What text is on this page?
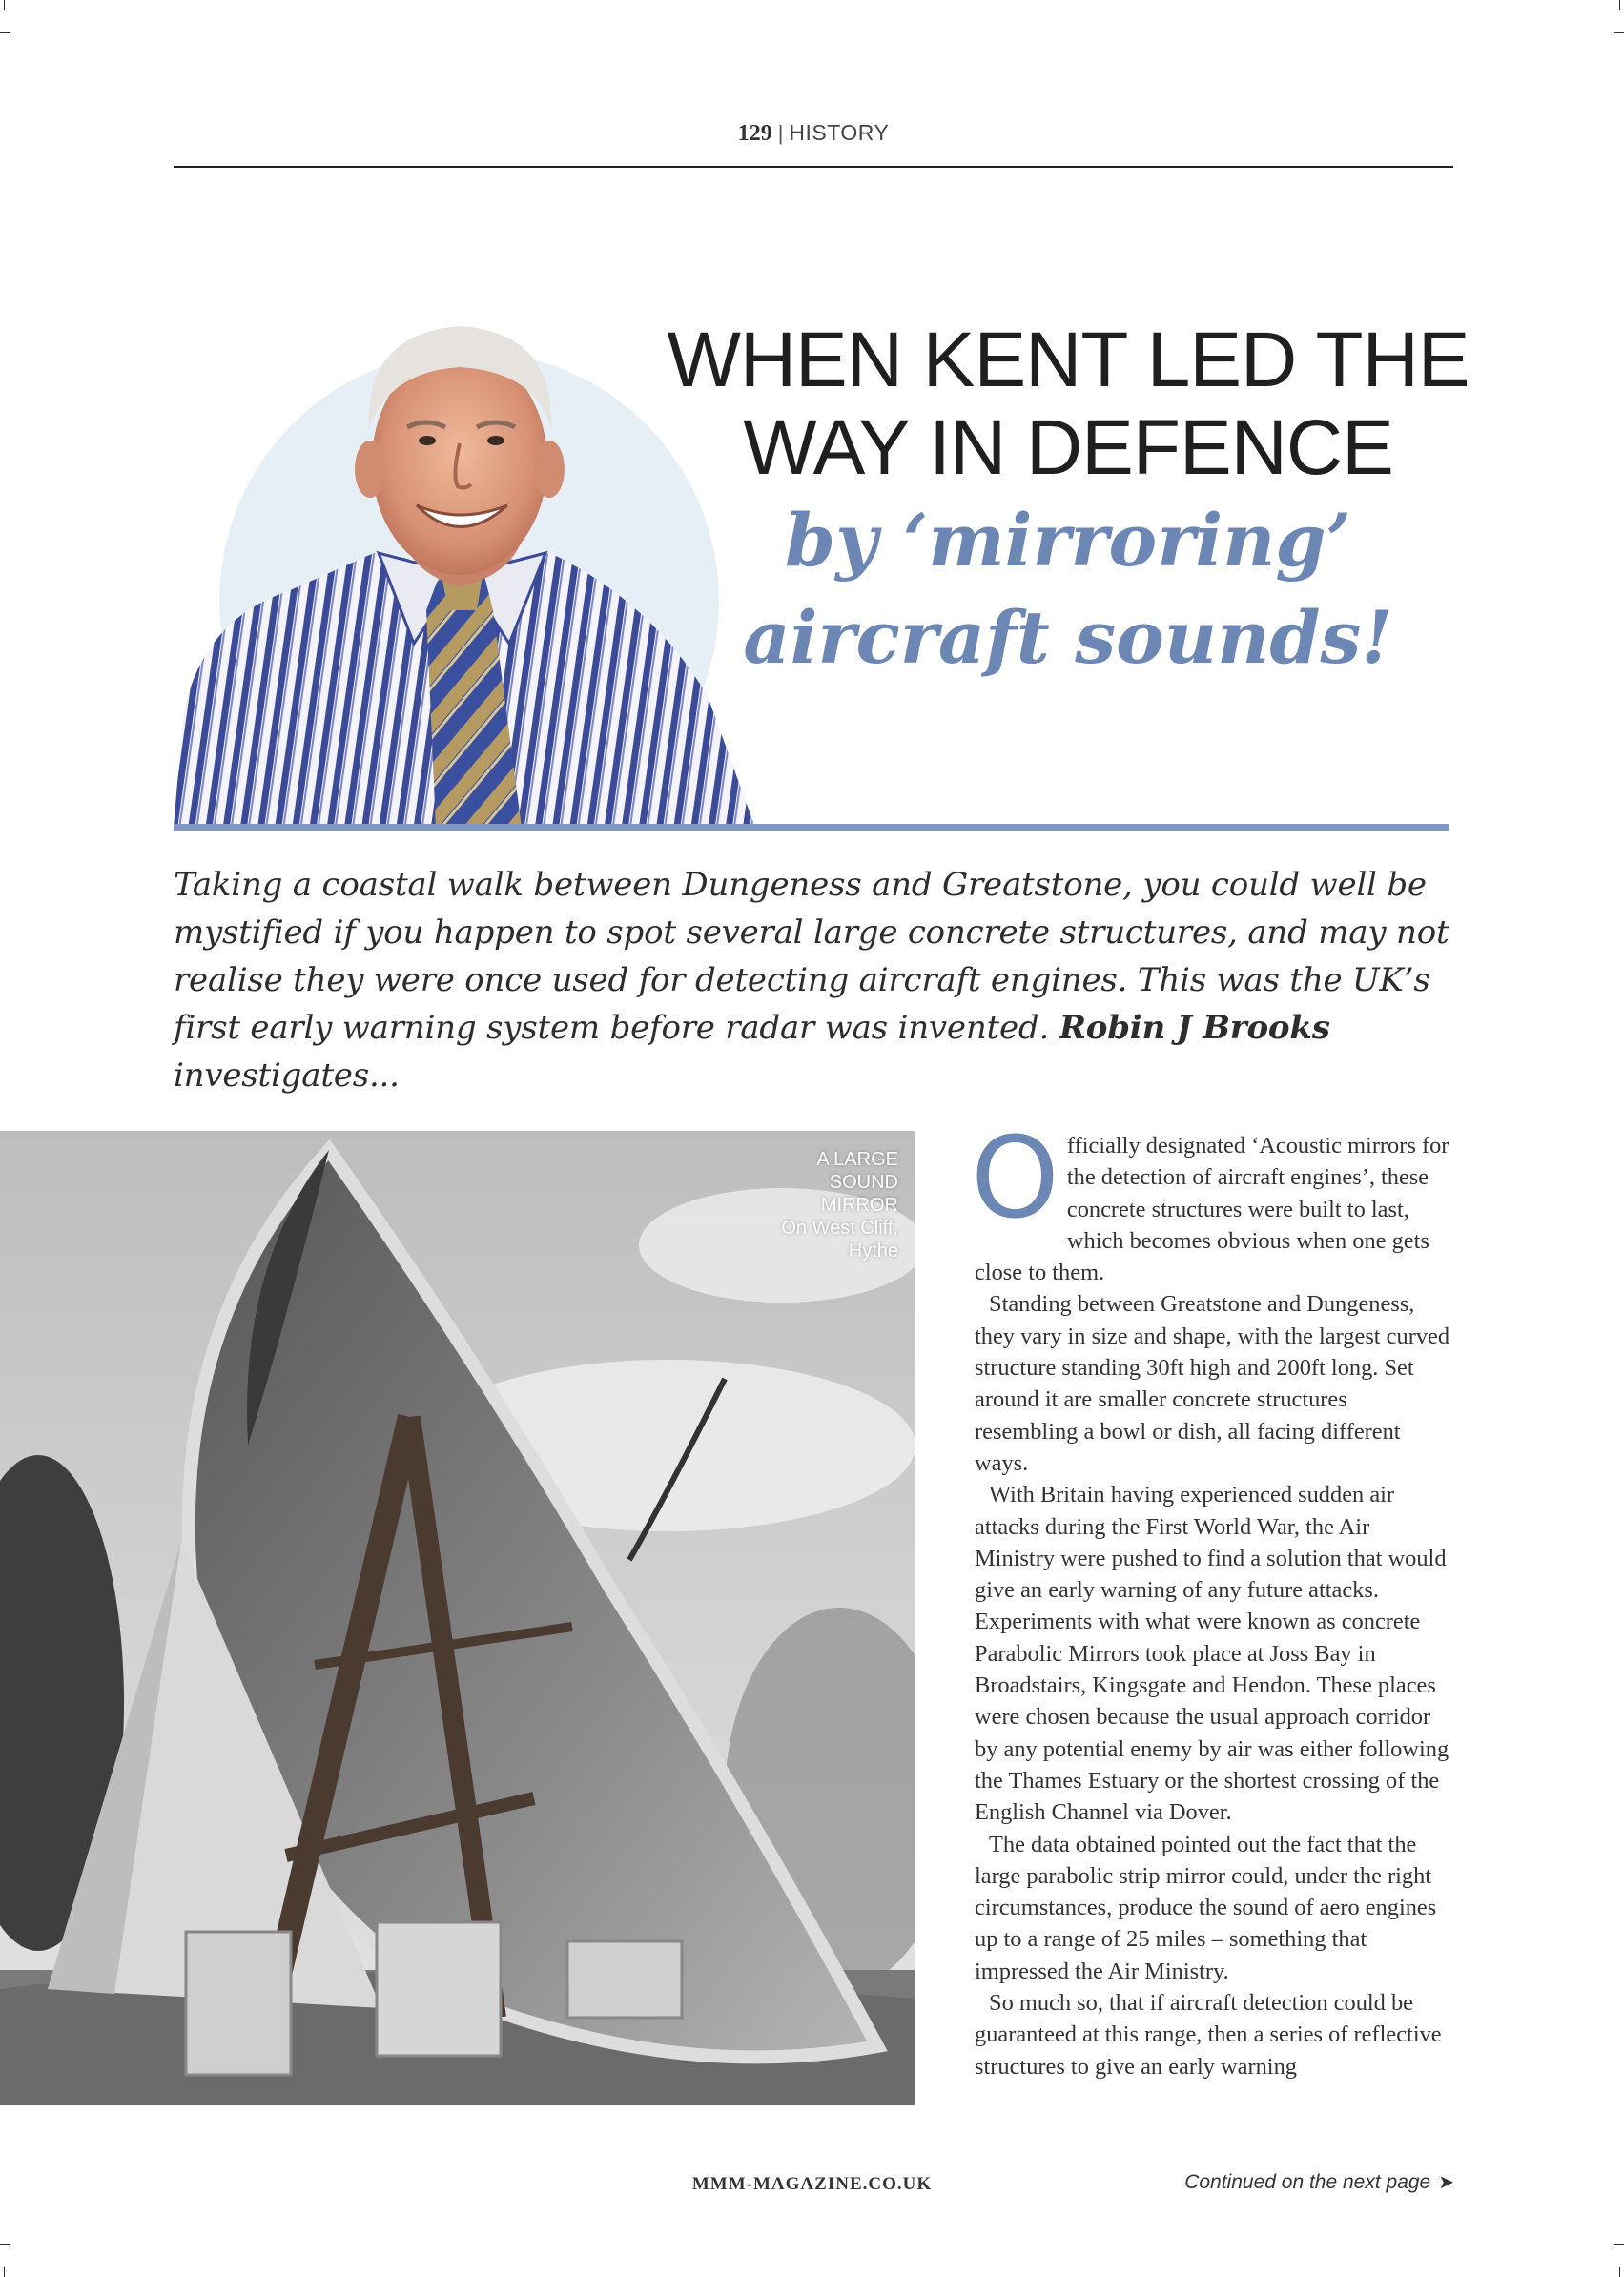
129 | HISTORY
WHEN KENT LED THE
WAY IN DEFENCE
by ‘mirroring’
aircraft sounds!
Taking a coastal walk between Dungeness and Greatstone, you could well be mystified if you happen to spot several large concrete structures, and may not realise they were once used for detecting aircraft engines. This was the UK’s first early warning system before radar was invented. Robin J Brooks investigates...
A LARGE SOUND MIRROR
On West Cliff, Hythe

Officially designated ‘Acoustic mirrors for the detection of aircraft engines’, these concrete structures were built to last, which becomes obvious when one gets close to them.

Standing between Greatstone and Dungeness, they vary in size and shape, with the largest curved structure standing 30ft high and 200ft long. Set around it are smaller concrete structures resembling a bowl or dish, all facing different ways.

With Britain having experienced sudden air attacks during the First World War, the Air Ministry were pushed to find a solution that would give an early warning of any future attacks. Experiments with what were known as concrete Parabolic Mirrors took place at Joss Bay in Broadstairs, Kingsgate and Hendon. These places were chosen because the usual approach corridor by any potential enemy by air was either following the Thames Estuary or the shortest crossing of the English Channel via Dover.

The data obtained pointed out the fact that the large parabolic strip mirror could, under the right circumstances, produce the sound of aero engines up to a range of 25 miles – something that impressed the Air Ministry.

So much so, that if aircraft detection could be guaranteed at this range, then a series of reflective structures to give an early warning

MMM-MAGAZINE.CO.UK	Continued on the next page ➤
